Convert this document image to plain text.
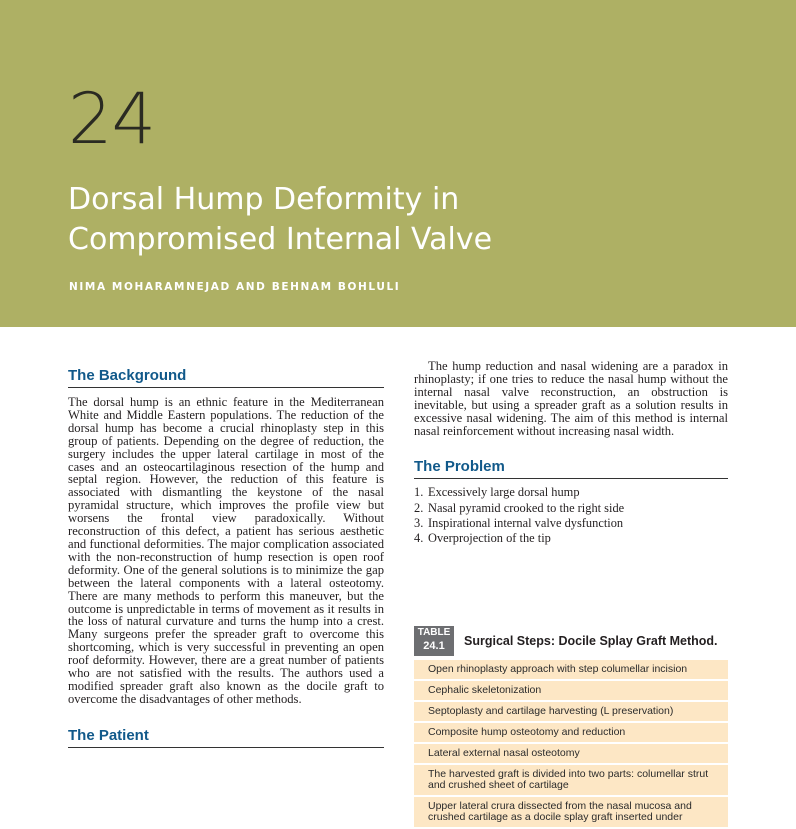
24
Dorsal Hump Deformity in
Compromised Internal Valve
NIMA MOHARAMNEJAD AND BEHNAM BOHLULI
The Background

The dorsal hump is an ethnic feature in the Mediterranean White and Middle Eastern populations. The reduction of the dorsal hump has become a crucial rhinoplasty step in this group of patients. Depending on the degree of reduction, the surgery includes the upper lateral cartilage in most of the cases and an osteocartilaginous resection of the hump and septal region. However, the reduction of this feature is associated with dismantling the keystone of the nasal pyramidal structure, which improves the profile view but worsens the frontal view paradoxically. Without reconstruction of this defect, a patient has serious aesthetic and functional deformities. The major complication associated with the non-reconstruction of hump resection is open roof deformity. One of the general solutions is to minimize the gap between the lateral components with a lateral osteotomy. There are many methods to perform this maneuver, but the outcome is unpredictable in terms of movement as it results in the loss of natural curvature and turns the hump into a crest. Many surgeons prefer the spreader graft to overcome this shortcoming, which is very successful in preventing an open roof deformity. However, there are a great number of patients who are not satisfied with the results. The authors used a modified spreader graft also known as the docile graft to overcome the disadvantages of other methods.

The Patient

The hump reduction and nasal widening are a paradox in rhinoplasty; if one tries to reduce the nasal hump without the internal nasal valve reconstruction, an obstruction is inevitable, but using a spreader graft as a solution results in excessive nasal widening. The aim of this method is internal nasal reinforcement without increasing nasal width.

The Problem
1. Excessively large dorsal hump
2. Nasal pyramid crooked to the right side
3. Inspirational internal valve dysfunction
4. Overprojection of the tip
TABLE
24.1	Surgical Steps: Docile Splay Graft Method.
Open rhinoplasty approach with step columellar incision
Cephalic skeletonization
Septoplasty and cartilage harvesting (L preservation)
Composite hump osteotomy and reduction
Lateral external nasal osteotomy
The harvested graft is divided into two parts: columellar strut
and crushed sheet of cartilage
Upper lateral crura dissected from the nasal mucosa and
crushed cartilage as a docile splay graft inserted under
